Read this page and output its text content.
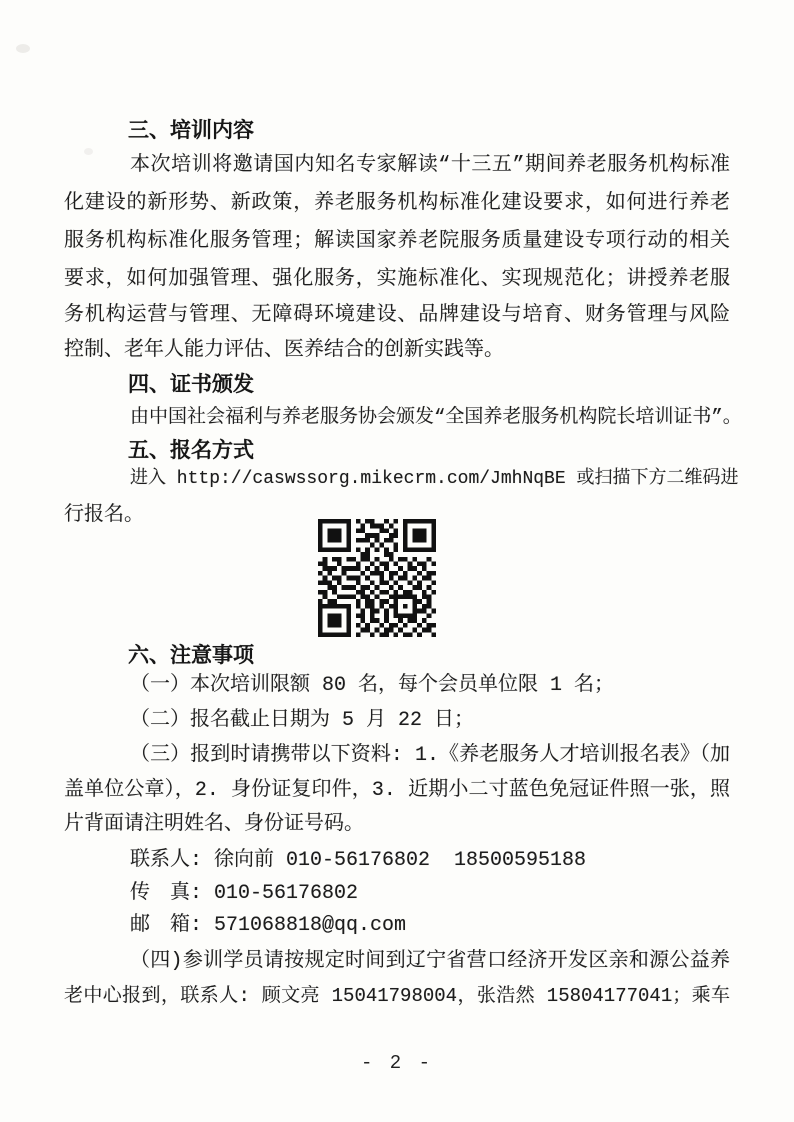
三、培训内容
本次培训将邀请国内知名专家解读“十三五”期间养老服务机构标准
化建设的新形势、新政策，养老服务机构标准化建设要求，如何进行养老
服务机构标准化服务管理；解读国家养老院服务质量建设专项行动的相关
要求，如何加强管理、强化服务，实施标准化、实现规范化；讲授养老服
务机构运营与管理、无障碍环境建设、品牌建设与培育、财务管理与风险
控制、老年人能力评估、医养结合的创新实践等。
四、证书颁发
由中国社会福利与养老服务协会颁发“全国养老服务机构院长培训证书”。
五、报名方式
进入 http://caswssorg.mikecrm.com/JmhNqBE 或扫描下方二维码进
行报名。
六、注意事项
（一）本次培训限额 80 名，每个会员单位限 1 名；
（二）报名截止日期为 5 月 22 日；
（三）报到时请携带以下资料: 1.《养老服务人才培训报名表》（加
盖单位公章），2. 身份证复印件，3. 近期小二寸蓝色免冠证件照一张，照
片背面请注明姓名、身份证号码。
联系人: 徐向前 010-56176802  18500595188
传　真: 010-56176802
邮　箱: 571068818@qq.com
（四)参训学员请按规定时间到辽宁省营口经济开发区亲和源公益养
老中心报到，联系人: 顾文亮 15041798004，张浩然 15804177041；乘车
- 2 -
